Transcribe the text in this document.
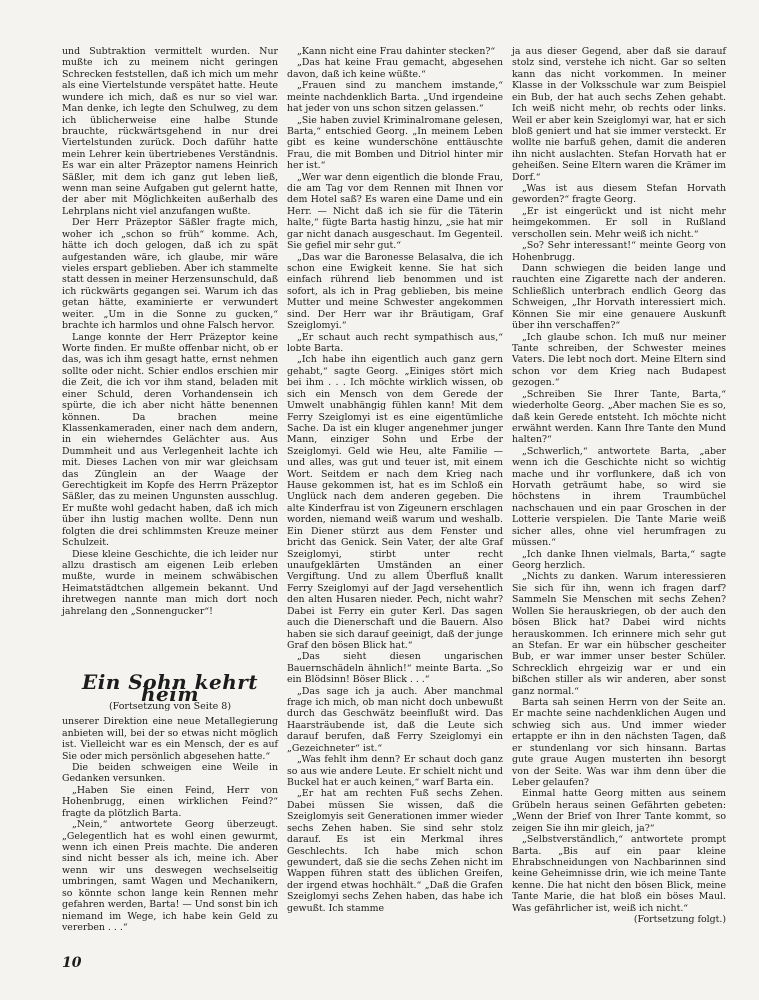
und Subtraktion vermittelt wurden. Nur mußte ich zu meinem nicht geringen Schrecken feststellen, daß ich mich um mehr als eine Viertelstunde verspätet hatte. Heute wundere ich mich, daß es nur so viel war. Man denke, ich legte den Schulweg, zu dem ich üblicherweise eine halbe Stunde brauchte, rückwärtsgehend in nur drei Viertelstunden zurück. Doch daführ hatte mein Lehrer kein übertriebenes Verständnis. Es war ein alter Präzeptor namens Heinrich Säßler, mit dem ich ganz gut leben ließ, wenn man seine Aufgaben gut gelernt hatte, der aber mit Möglichkeiten außerhalb des Lehrplans nicht viel anzufangen wußte.

Der Herr Präzeptor Säßler fragte mich, woher ich „schon so früh“ komme. Ach, hätte ich doch gelogen, daß ich zu spät aufgestanden wäre, ich glaube, mir wäre vieles erspart geblieben. Aber ich stammelte statt dessen in meiner Herzensunschuld, daß ich rückwärts gegangen sei. Warum ich das getan hätte, examinierte er verwundert weiter. „Um in die Sonne zu gucken,“ brachte ich harmlos und ohne Falsch hervor.

Lange konnte der Herr Präzeptor keine Worte finden. Er mußte offenbar nicht, ob er das, was ich ihm gesagt hatte, ernst nehmen sollte oder nicht. Schier endlos erschien mir die Zeit, die ich vor ihm stand, beladen mit einer Schuld, deren Vorhandensein ich spürte, die ich aber nicht hätte benennen können. Da brachen meine Klassenkameraden, einer nach dem andern, in ein wieherndes Gelächter aus. Aus Dummheit und aus Verlegenheit lachte ich mit. Dieses Lachen von mir war gleichsam das Zünglein an der Waage der Gerechtigkeit im Kopfe des Herrn Präzeptor Säßler, das zu meinen Ungunsten ausschlug. Er mußte wohl gedacht haben, daß ich mich über ihn lustig machen wollte. Denn nun folgten die drei schlimmsten Kreuze meiner Schulzeit.

Diese kleine Geschichte, die ich leider nur allzu drastisch am eigenen Leib erleben mußte, wurde in meinem schwäbischen Heimatstädtchen allgemein bekannt. Und ihretwegen nannte man mich dort noch jahrelang den „Sonnengucker“!

Ein Sohn kehrt heim
(Fortsetzung von Seite 8)

unserer Direktion eine neue Metallegierung anbieten will, bei der so etwas nicht möglich ist. Vielleicht war es ein Mensch, der es auf Sie oder mich persönlich abgesehen hatte.“

Die beiden schweigen eine Weile in Gedanken versunken.

„Haben Sie einen Feind, Herr von Hohenbrugg, einen wirklichen Feind?“ fragte da plötzlich Barta.

„Nein,“ antwortete Georg überzeugt. „Gelegentlich hat es wohl einen gewurmt, wenn ich einen Preis machte. Die anderen sind nicht besser als ich, meine ich. Aber wenn wir uns deswegen wechselseitig umbringen, samt Wagen und Mechanikern, so könnte schon lange kein Rennen mehr gefahren werden, Barta! — Und sonst bin ich niemand im Wege, ich habe kein Geld zu vererben . . .“

„Kann nicht eine Frau dahinter stecken?“

„Das hat keine Frau gemacht, abgesehen davon, daß ich keine wüßte.“

„Frauen sind zu manchem imstande,“ meinte nachdenklich Barta. „Und irgendeine hat jeder von uns schon sitzen gelassen.“

„Sie haben zuviel Kriminalromane gelesen, Barta,“ entschied Georg. „In meinem Leben gibt es keine wunderschöne enttäuschte Frau, die mit Bomben und Ditriol hinter mir her ist.“

„Wer war denn eigentlich die blonde Frau, die am Tag vor dem Rennen mit Ihnen vor dem Hotel saß? Es waren eine Dame und ein Herr. — Nicht daß ich sie für die Täterin halte,“ fügte Barta hastig hinzu, „sie hat mir gar nicht danach ausgeschaut. Im Gegenteil. Sie gefiel mir sehr gut.“

„Das war die Baronesse Belasalva, die ich schon eine Ewigkeit kenne. Sie hat sich einfach rührend lieb benommen und ist sofort, als ich in Prag geblieben, bis meine Mutter und meine Schwester angekommen sind. Der Herr war ihr Bräutigam, Graf Szeiglomyi.“

„Er schaut auch recht sympathisch aus,“ lobte Barta.

„Ich habe ihn eigentlich auch ganz gern gehabt,“ sagte Georg. „Einiges stört mich bei ihm . . . Ich möchte wirklich wissen, ob sich ein Mensch von dem Gerede der Umwelt unabhängig fühlen kann! Mit dem Ferry Szeiglomyi ist es eine eigentümliche Sache. Da ist ein kluger angenehmer junger Mann, einziger Sohn und Erbe der Szeiglomyi. Geld wie Heu, alte Familie — und alles, was gut und teuer ist, mit einem Wort. Seitdem er nach dem Krieg nach Hause gekommen ist, hat es im Schloß ein Unglück nach dem anderen gegeben. Die alte Kinderfrau ist von Zigeunern erschlagen worden, niemand weiß warum und weshalb. Ein Diener stürzt aus dem Fenster und bricht das Genick. Sein Vater, der alte Graf Szeiglomyi, stirbt unter recht unaufgeklärten Umständen an einer Vergiftung. Und zu allem Überfluß knallt Ferry Szeiglomyi auf der Jagd versehentlich den alten Husaren nieder. Pech, nicht wahr? Dabei ist Ferry ein guter Kerl. Das sagen auch die Dienerschaft und die Bauern. Also haben sie sich darauf geeinigt, daß der junge Graf den bösen Blick hat.“

„Das sieht diesen ungarischen Bauernschädeln ähnlich!“ meinte Barta. „So ein Blödsinn! Böser Blick . . .“

„Das sage ich ja auch. Aber manchmal frage ich mich, ob man nicht doch unbewußt durch das Geschwätz beeinflußt wird. Das Haarsträubende ist, daß die Leute sich darauf berufen, daß Ferry Szeiglomyi ein „Gezeichneter“ ist.“

„Was fehlt ihm denn? Er schaut doch ganz so aus wie andere Leute. Er schielt nicht und Buckel hat er auch keinen,“ warf Barta ein.

„Er hat am rechten Fuß sechs Zehen. Dabei müssen Sie wissen, daß die Szeiglomyis seit Generationen immer wieder sechs Zehen haben. Sie sind sehr stolz darauf. Es ist ein Merkmal ihres Geschlechts. Ich habe mich schon gewundert, daß sie die sechs Zehen nicht im Wappen führen statt des üblichen Greifen, der irgend etwas hochhält.“ „Daß die Grafen Szeiglomyi sechs Zehen haben, das habe ich gewußt. Ich stamme

ja aus dieser Gegend, aber daß sie darauf stolz sind, verstehe ich nicht. Gar so selten kann das nicht vorkommen. In meiner Klasse in der Volksschule war zum Beispiel ein Bub, der hat auch sechs Zehen gehabt. Ich weiß nicht mehr, ob rechts oder links. Weil er aber kein Szeiglomyi war, hat er sich bloß geniert und hat sie immer versteckt. Er wollte nie barfuß gehen, damit die anderen ihn nicht auslachten. Stefan Horvath hat er geheißen. Seine Eltern waren die Krämer im Dorf.“

„Was ist aus diesem Stefan Horvath geworden?“ fragte Georg.

„Er ist eingerückt und ist nicht mehr heimgekommen. Er soll in Rußland verschollen sein. Mehr weiß ich nicht.“

„So? Sehr interessant!“ meinte Georg von Hohenbrugg.

Dann schwiegen die beiden lange und rauchten eine Zigarette nach der anderen. Schließlich unterbrach endlich Georg das Schweigen, „Ihr Horvath interessiert mich. Können Sie mir eine genauere Auskunft über ihn verschaffen?“

„Ich glaube schon. Ich muß nur meiner Tante schreiben, der Schwester meines Vaters. Die lebt noch dort. Meine Eltern sind schon vor dem Krieg nach Budapest gezogen.“

„Schreiben Sie Ihrer Tante, Barta,“ wiederholte Georg. „Aber machen Sie es so, daß kein Gerede entsteht. Ich möchte nicht erwähnt werden. Kann Ihre Tante den Mund halten?“

„Schwerlich,“ antwortete Barta, „aber wenn ich die Geschichte nicht so wichtig mache und ihr vorflunkere, daß ich von Horvath geträumt habe, so wird sie höchstens in ihrem Traumbüchel nachschauen und ein paar Groschen in der Lotterie verspielen. Die Tante Marie weiß sicher alles, ohne viel herumfragen zu müssen.“

„Ich danke Ihnen vielmals, Barta,“ sagte Georg herzlich.

„Nichts zu danken. Warum interessieren Sie sich für ihn, wenn ich fragen darf? Sammeln Sie Menschen mit sechs Zehen? Wollen Sie herauskriegen, ob der auch den bösen Blick hat? Dabei wird nichts herauskommen. Ich erinnere mich sehr gut an Stefan. Er war ein hübscher gescheiter Bub, er war immer unser bester Schüler. Schrecklich ehrgeizig war er und ein bißchen stiller als wir anderen, aber sonst ganz normal.“

Barta sah seinen Herrn von der Seite an. Er machte seine nachdenklichen Augen und schwieg sich aus. Und immer wieder ertappte er ihn in den nächsten Tagen, daß er stundenlang vor sich hinsann. Bartas gute graue Augen musterten ihn besorgt von der Seite. Was war ihm denn über die Leber gelaufen?

Einmal hatte Georg mitten aus seinem Grübeln heraus seinen Gefährten gebeten: „Wenn der Brief von Ihrer Tante kommt, so zeigen Sie ihn mir gleich, ja?“

„Selbstverständlich,“ antwortete prompt Barta. „Bis auf ein paar kleine Ehrabschneidungen von Nachbarinnen sind keine Geheimnisse drin, wie ich meine Tante kenne. Die hat nicht den bösen Blick, meine Tante Marie, die hat bloß ein böses Maul. Was gefährlicher ist, weiß ich nicht.“

(Fortsetzung folgt.)

10
